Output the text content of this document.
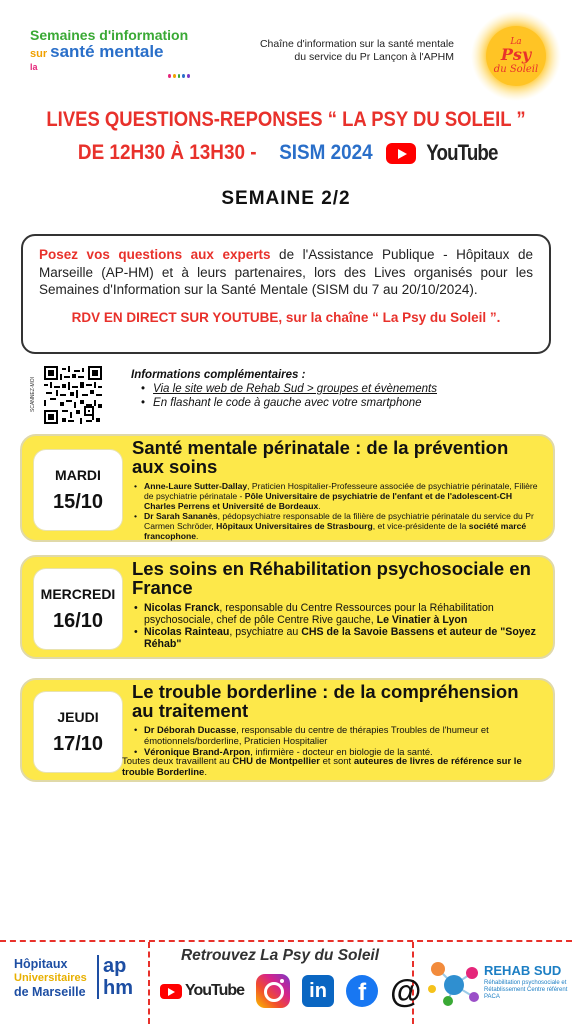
Semaines d'information
sur santé mentale
la
Chaîne d'information sur la santé mentale
du service du Pr Lançon à l'APHM
La
Psy
du Soleil
LIVES QUESTIONS-REPONSES “ LA PSY DU SOLEIL ”
DE 12H30 À 13H30 - SISM 2024 YouTube
SEMAINE 2/2
Posez vos questions aux experts de l'Assistance Publique - Hôpitaux de Marseille (AP-HM) et à leurs partenaires, lors des Lives organisés pour les Semaines d'Information sur la Santé Mentale (SISM du 7 au 20/10/2024).
RDV EN DIRECT SUR YOUTUBE, sur la chaîne “ La Psy du Soleil ”.
SCANNEZ-MOI
Informations complémentaires :
• Via le site web de Rehab Sud > groupes et évènements
• En flashant le code à gauche avec votre smartphone
MARDI
15/10
Santé mentale périnatale : de la prévention aux soins
• Anne-Laure Sutter-Dallay, Praticien Hospitalier-Professeure associée de psychiatrie périnatale, Filière de psychiatrie périnatale - Pôle Universitaire de psychiatrie de l'enfant et de l'adolescent-CH Charles Perrens et Université de Bordeaux.
• Dr Sarah Sananès, pédopsychiatre responsable de la filière de psychiatrie périnatale du service du Pr Carmen Schröder, Hôpitaux Universitaires de Strasbourg, et vice-présidente de la société marcé francophone.
MERCREDI
16/10
Les soins en Réhabilitation psychosociale en France
• Nicolas Franck, responsable du Centre Ressources pour la Réhabilitation psychosociale, chef de pôle Centre Rive gauche, Le Vinatier à Lyon
• Nicolas Rainteau, psychiatre au CHS de la Savoie Bassens et auteur de "Soyez Réhab"
JEUDI
17/10
Le trouble borderline : de la compréhension au traitement
• Dr Déborah Ducasse, responsable du centre de thérapies Troubles de l'humeur et émotionnels/borderline, Praticien Hospitalier
• Véronique Brand-Arpon, infirmière - docteur en biologie de la santé.
Toutes deux travaillent au CHU de Montpellier et sont auteures de livres de référence sur le trouble Borderline.
Hôpitaux
Universitaires
de Marseille
ap
hm
Retrouvez La Psy du Soleil
YouTube	in	f @
REHAB SUD
Réhabilitation psychosociale et Rétablissement Centre référent PACA
